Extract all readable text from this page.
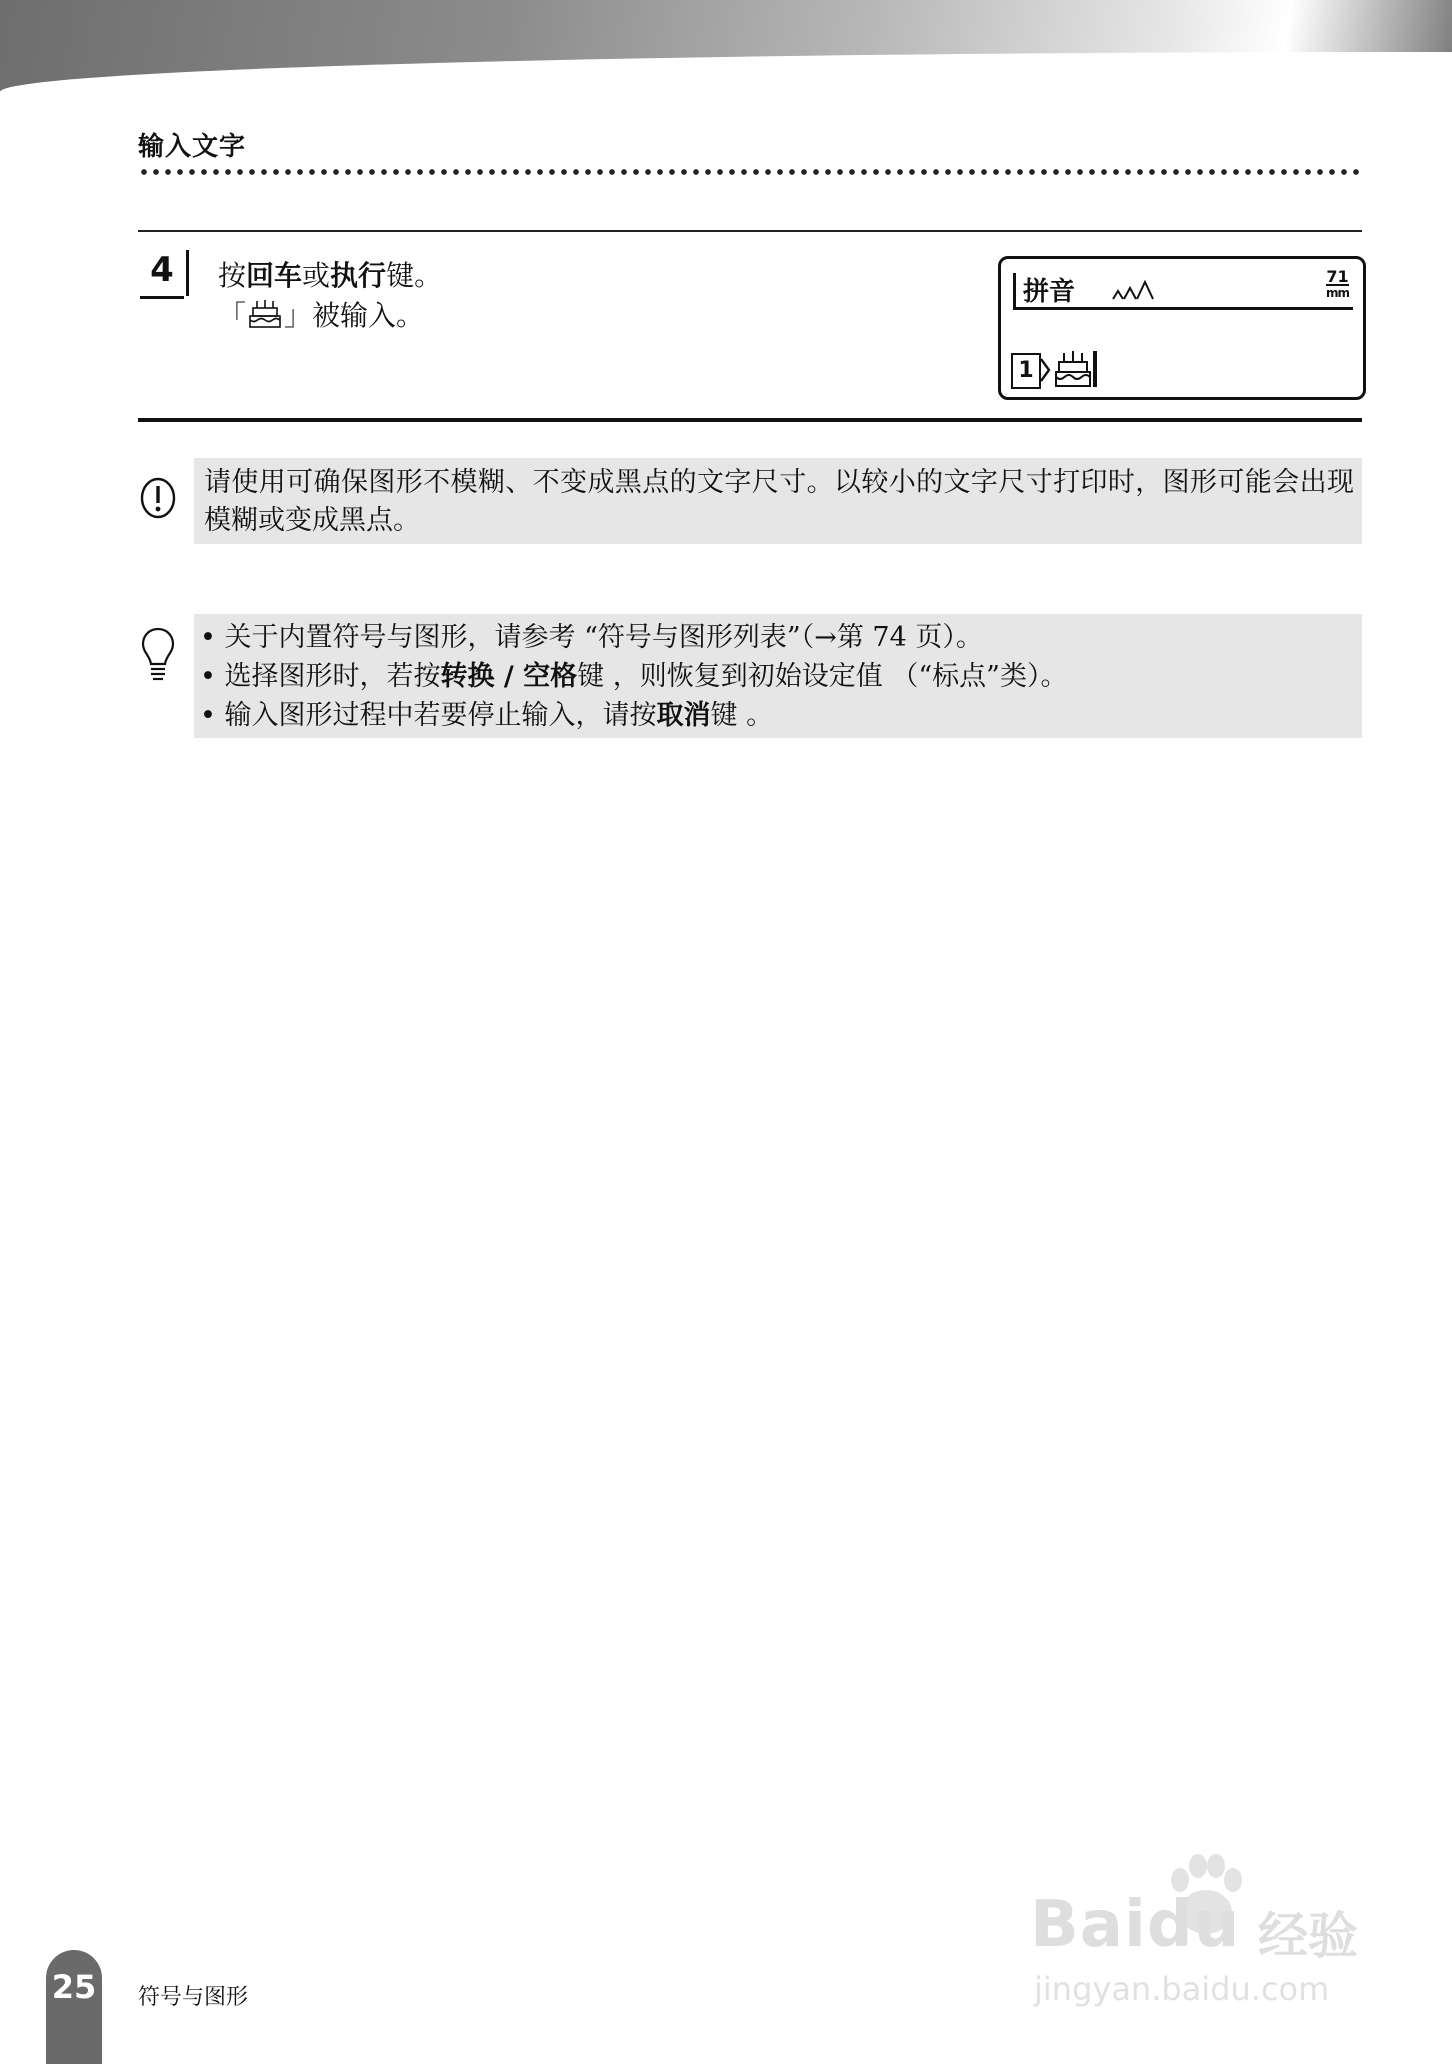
输入文字
4	按回车或执行键。
「 」被输入。
拼音
71
mm
1
请使用可确保图形不模糊、不变成黑点的文字尺寸。以较小的文字尺寸打印时，图形可能会出现模糊或变成黑点。
• 关于内置符号与图形，请参考 “符号与图形列表”（→第 74 页）。
• 选择图形时，若按转换 / 空格键 ，则恢复到初始设定值 （“标点”类）。
• 输入图形过程中若要停止输入，请按取消键 。
25 符号与图形
Baidu 经验
jingyan.baidu.com
